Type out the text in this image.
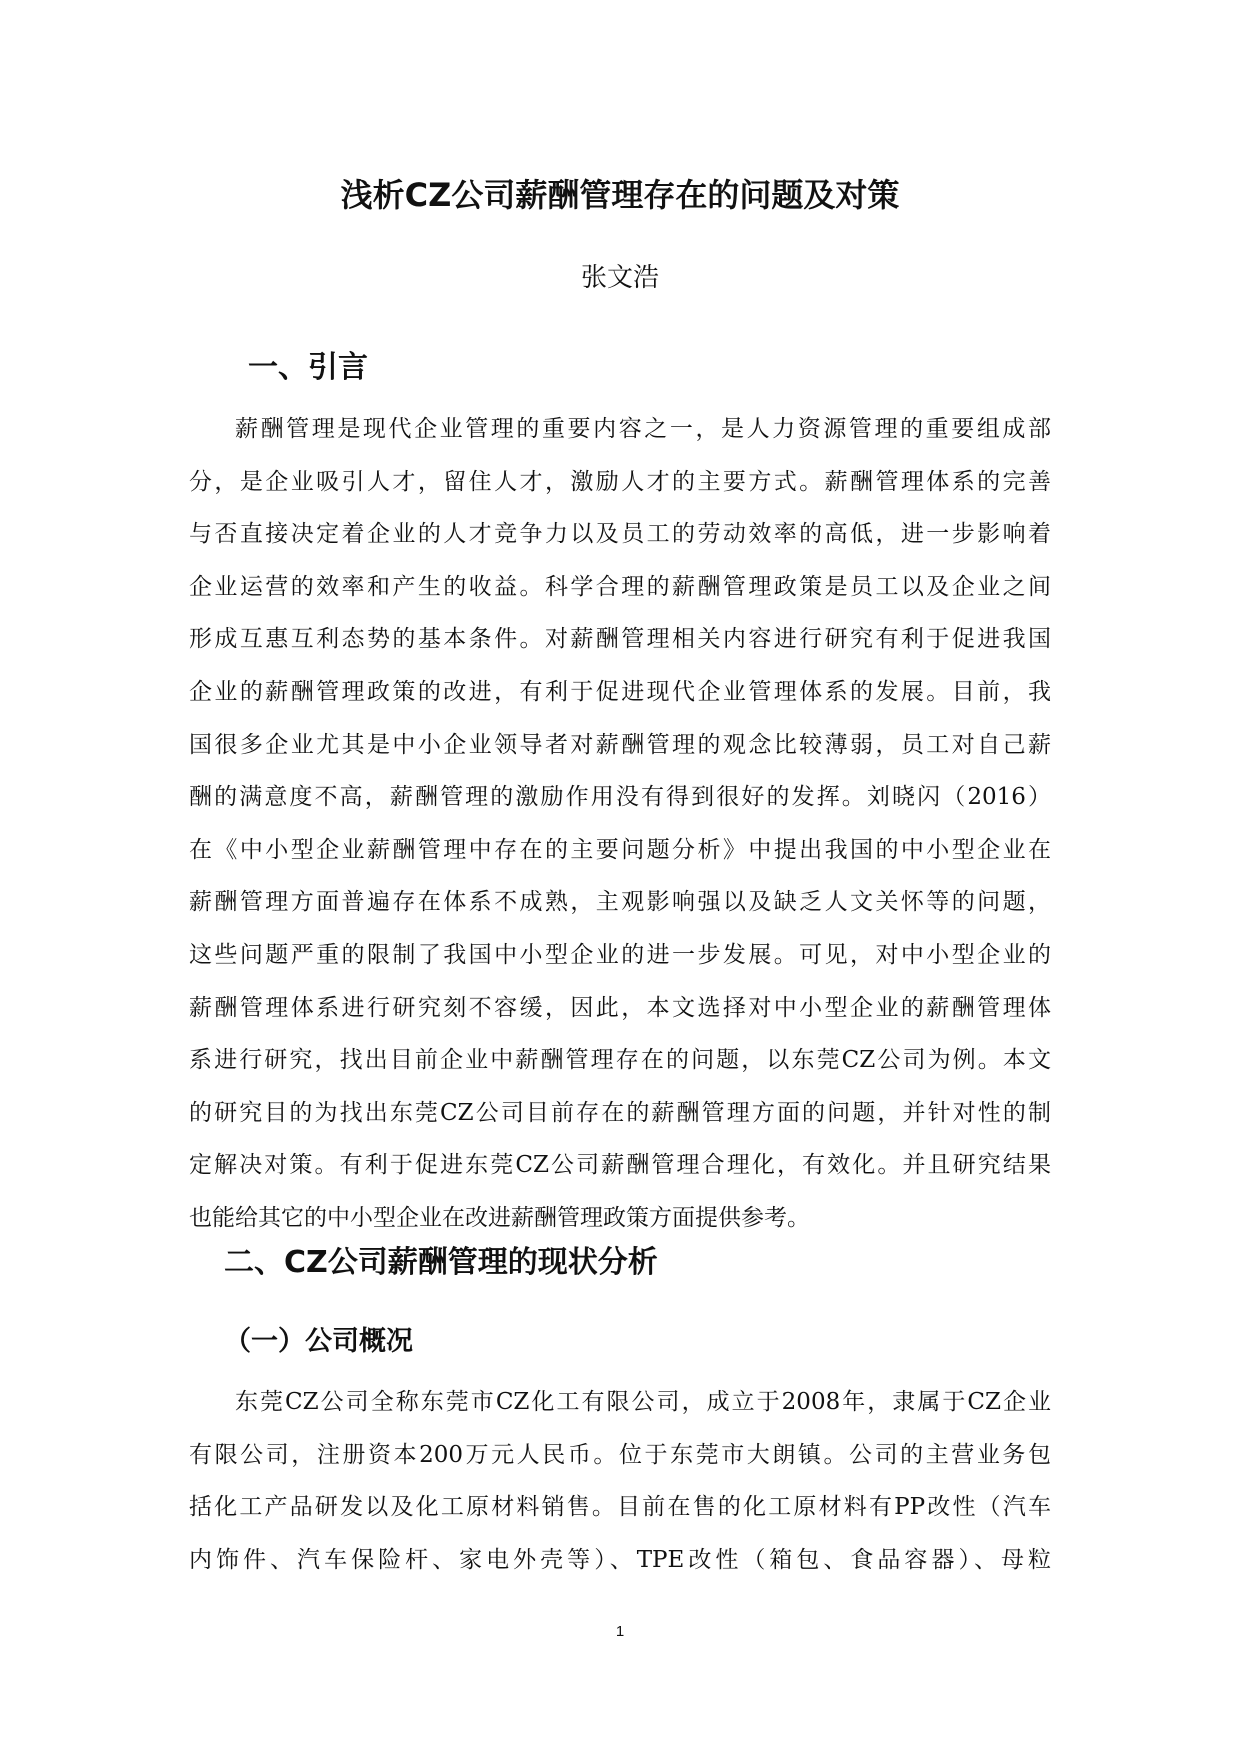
浅析CZ公司薪酬管理存在的问题及对策
张文浩
一、引言
薪酬管理是现代企业管理的重要内容之一，是人力资源管理的重要组成部
分，是企业吸引人才，留住人才，激励人才的主要方式。薪酬管理体系的完善
与否直接决定着企业的人才竞争力以及员工的劳动效率的高低，进一步影响着
企业运营的效率和产生的收益。科学合理的薪酬管理政策是员工以及企业之间
形成互惠互利态势的基本条件。对薪酬管理相关内容进行研究有利于促进我国
企业的薪酬管理政策的改进，有利于促进现代企业管理体系的发展。目前，我
国很多企业尤其是中小企业领导者对薪酬管理的观念比较薄弱，员工对自己薪
酬的满意度不高，薪酬管理的激励作用没有得到很好的发挥。刘晓闪（2016）
在《中小型企业薪酬管理中存在的主要问题分析》中提出我国的中小型企业在
薪酬管理方面普遍存在体系不成熟，主观影响强以及缺乏人文关怀等的问题，
这些问题严重的限制了我国中小型企业的进一步发展。可见，对中小型企业的
薪酬管理体系进行研究刻不容缓，因此，本文选择对中小型企业的薪酬管理体
系进行研究，找出目前企业中薪酬管理存在的问题，以东莞CZ公司为例。本文
的研究目的为找出东莞CZ公司目前存在的薪酬管理方面的问题，并针对性的制
定解决对策。有利于促进东莞CZ公司薪酬管理合理化，有效化。并且研究结果
也能给其它的中小型企业在改进薪酬管理政策方面提供参考。
二、CZ公司薪酬管理的现状分析
（一）公司概况
东莞CZ公司全称东莞市CZ化工有限公司，成立于2008年，隶属于CZ企业
有限公司，注册资本200万元人民币。位于东莞市大朗镇。公司的主营业务包
括化工产品研发以及化工原材料销售。目前在售的化工原材料有PP改性（汽车
内饰件、汽车保险杆、家电外壳等）、TPE改性（箱包、食品容器）、母粒
1
